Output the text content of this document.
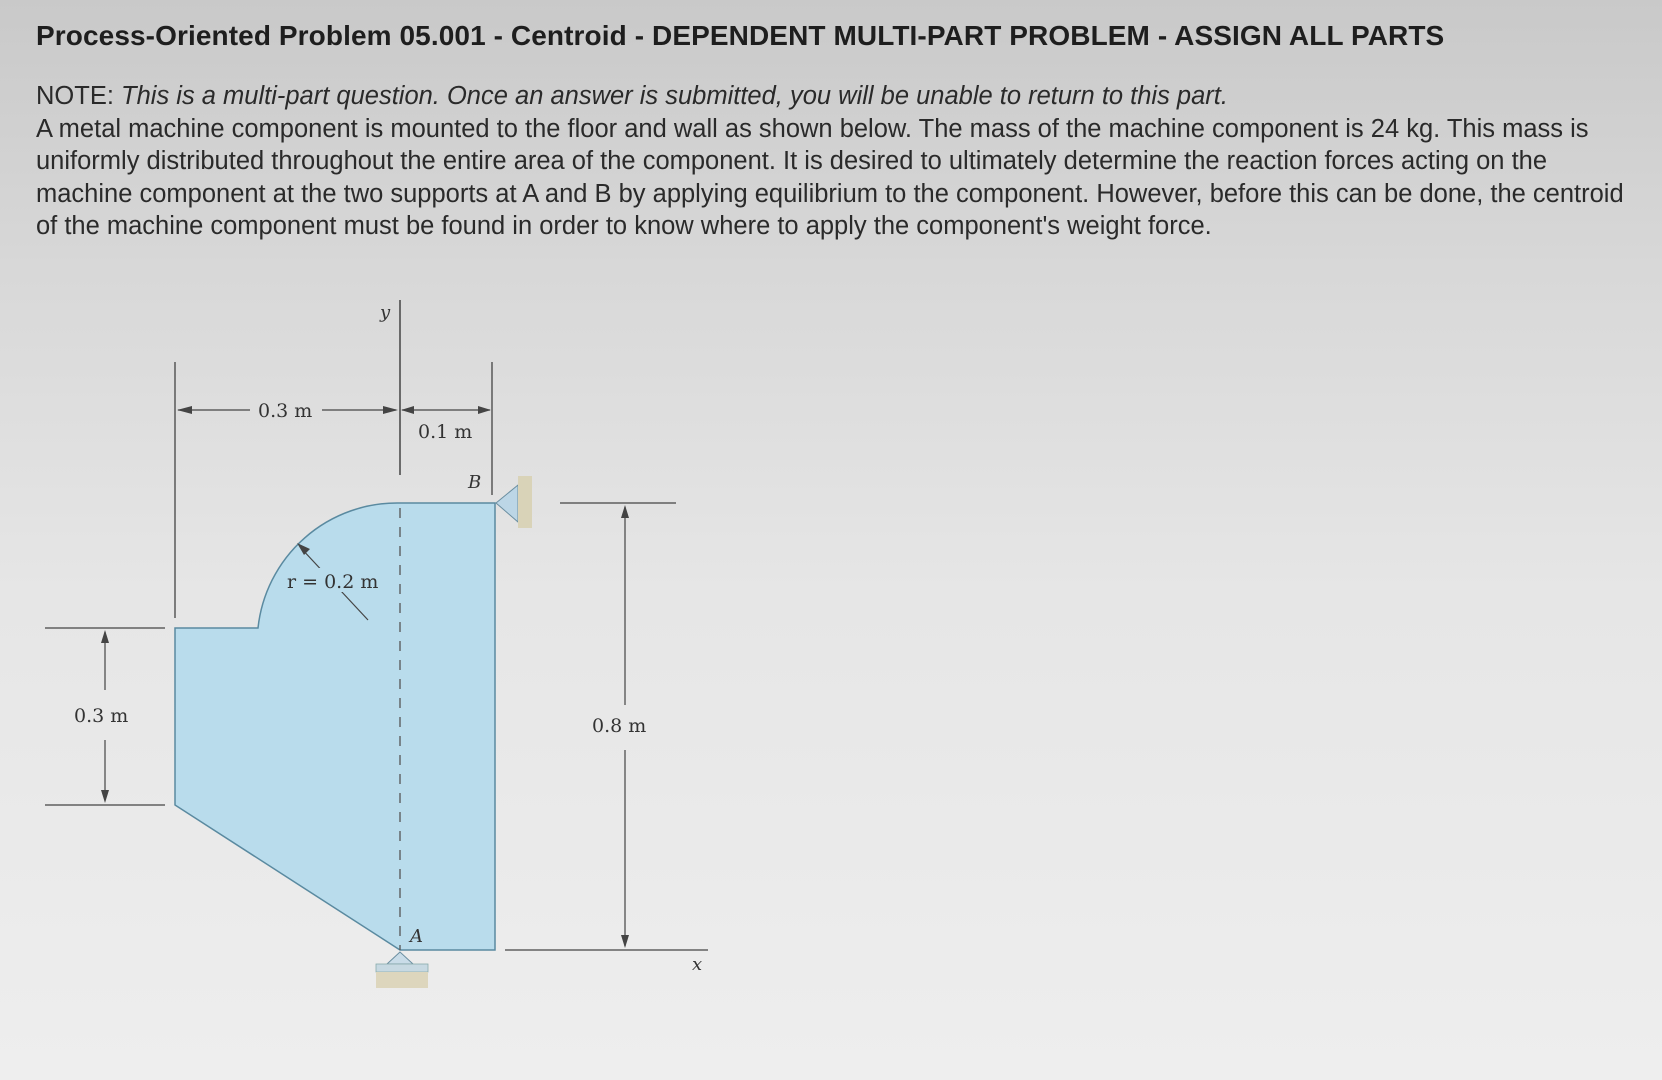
Process-Oriented Problem 05.001 - Centroid - DEPENDENT MULTI-PART PROBLEM - ASSIGN ALL PARTS

NOTE: This is a multi-part question. Once an answer is submitted, you will be unable to return to this part.

A metal machine component is mounted to the floor and wall as shown below. The mass of the machine component is 24 kg. This mass is uniformly distributed throughout the entire area of the component. It is desired to ultimately determine the reaction forces acting on the machine component at the two supports at A and B by applying equilibrium to the component. However, before this can be done, the centroid of the machine component must be found in order to know where to apply the component's weight force.

y
0.3 m
0.1 m
r = 0.2 m
B
A
0.3 m	0.8 m
x
